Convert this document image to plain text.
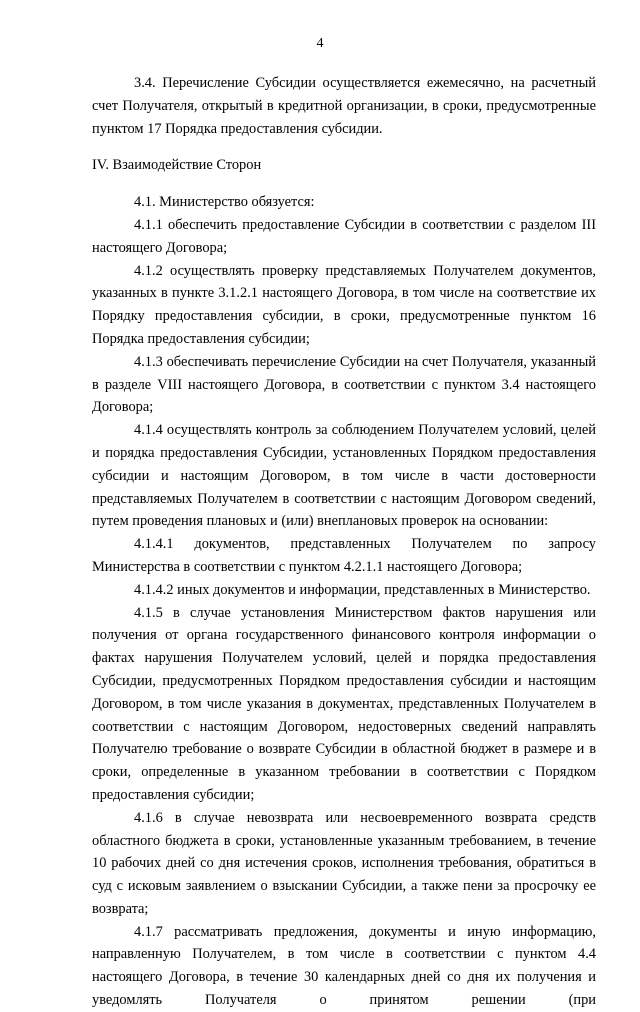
4

3.4. Перечисление Субсидии осуществляется ежемесячно, на расчетный счет Получателя, открытый в кредитной организации, в сроки, предусмотренные пунктом 17 Порядка предоставления субсидии.

IV. Взаимодействие Сторон

4.1. Министерство обязуется:

4.1.1 обеспечить предоставление Субсидии в соответствии с разделом III настоящего Договора;

4.1.2 осуществлять проверку представляемых Получателем документов, указанных в пункте 3.1.2.1 настоящего Договора, в том числе на соответствие их Порядку предоставления субсидии, в сроки, предусмотренные пунктом 16 Порядка предоставления субсидии;

4.1.3 обеспечивать перечисление Субсидии на счет Получателя, указанный в разделе VIII настоящего Договора, в соответствии с пунктом 3.4 настоящего Договора;

4.1.4 осуществлять контроль за соблюдением Получателем условий, целей и порядка предоставления Субсидии, установленных Порядком предоставления субсидии и настоящим Договором, в том числе в части достоверности представляемых Получателем в соответствии с настоящим Договором сведений, путем проведения плановых и (или) внеплановых проверок на основании:

4.1.4.1 документов, представленных Получателем по запросу Министерства в соответствии с пунктом 4.2.1.1 настоящего Договора;

4.1.4.2 иных документов и информации, представленных в Министерство.

4.1.5 в случае установления Министерством фактов нарушения или получения от органа государственного финансового контроля информации о фактах нарушения Получателем условий, целей и порядка предоставления Субсидии, предусмотренных Порядком предоставления субсидии и настоящим Договором, в том числе указания в документах, представленных Получателем в соответствии с настоящим Договором, недостоверных сведений направлять Получателю требование о возврате Субсидии в областной бюджет в размере и в сроки, определенные в указанном требовании в соответствии с Порядком предоставления субсидии;

4.1.6 в случае невозврата или несвоевременного возврата средств областного бюджета в сроки, установленные указанным требованием, в течение 10 рабочих дней со дня истечения сроков, исполнения требования, обратиться в суд с исковым заявлением о взыскании Субсидии, а также пени за просрочку ее возврата;

4.1.7 рассматривать предложения, документы и иную информацию, направленную Получателем, в том числе в соответствии с пунктом 4.4 настоящего Договора, в течение 30 календарных дней со дня их получения и уведомлять Получателя о принятом решении (при
